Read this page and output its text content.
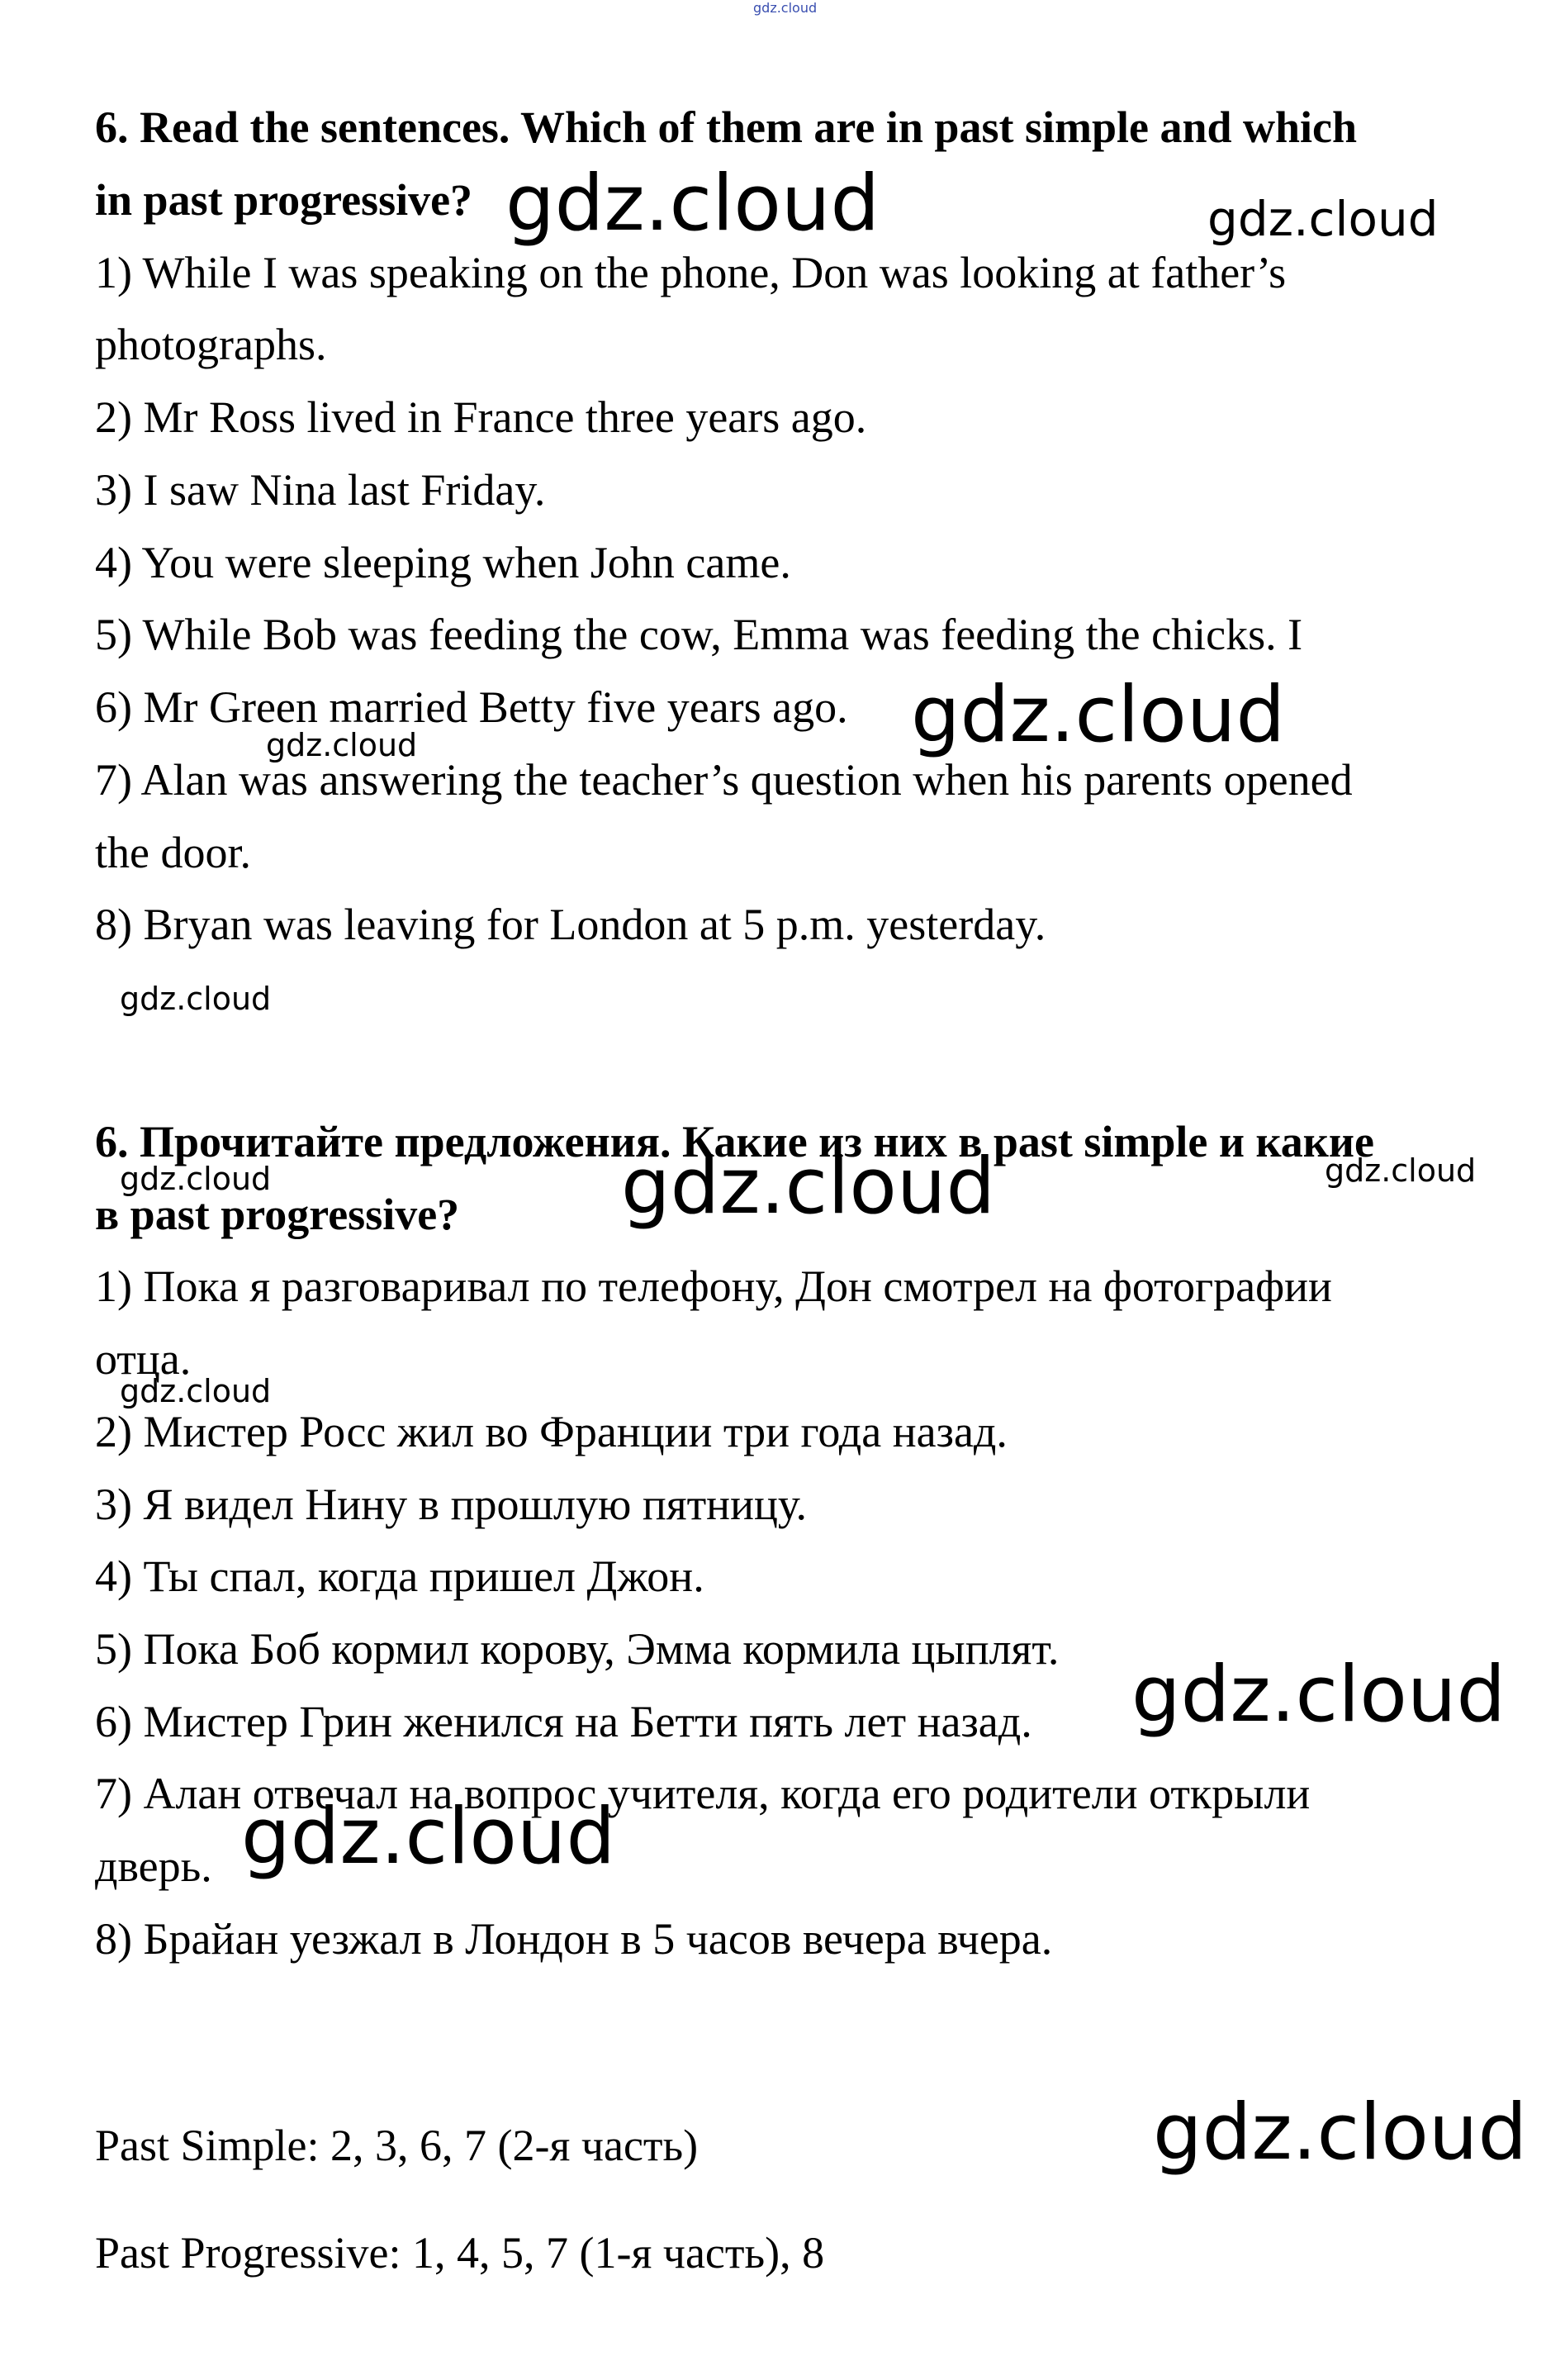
gdz.cloud
6. Read the sentences. Which of them are in past simple and which
in past progressive?
1) While I was speaking on the phone, Don was looking at father’s
photographs.
2) Mr Ross lived in France three years ago.
3) I saw Nina last Friday.
4) You were sleeping when John came.
5) While Bob was feeding the cow, Emma was feeding the chicks. I
6) Mr Green married Betty five years ago.
7) Alan was answering the teacher’s question when his parents opened
the door.
8) Bryan was leaving for London at 5 p.m. yesterday.
6. Прочитайте предложения. Какие из них в past simple и какие
в past progressive?
1) Пока я разговаривал по телефону, Дон смотрел на фотографии
отца.
2) Мистер Росс жил во Франции три года назад.
3) Я видел Нину в прошлую пятницу.
4) Ты спал, когда пришел Джон.
5) Пока Боб кормил корову, Эмма кормила цыплят.
6) Мистер Грин женился на Бетти пять лет назад.
7) Алан отвечал на вопрос учителя, когда его родители открыли
дверь.
8) Брайан уезжал в Лондон в 5 часов вечера вчера.
Past Simple: 2, 3, 6, 7 (2-я часть)
Past Progressive: 1, 4, 5, 7 (1-я часть), 8
gdz.cloud	gdz.cloud
gdz.cloud
gdz.cloud
gdz.cloud
gdz.cloud	gdz.cloud	gdz.cloud
gdz.cloud
gdz.cloud
gdz.cloud
gdz.cloud
